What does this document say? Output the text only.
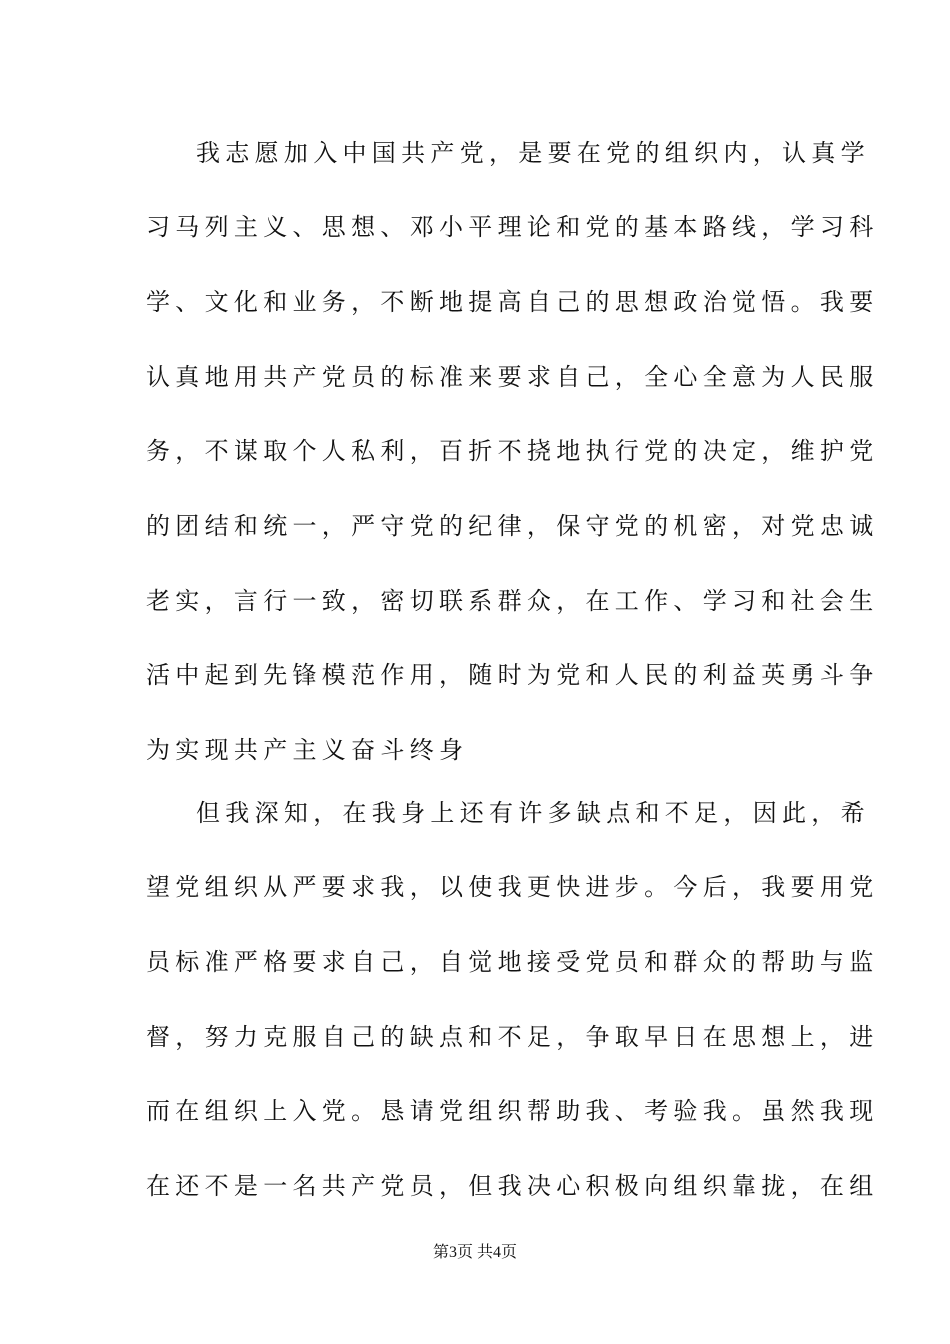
我志愿加入中国共产党，是要在党的组织内，认真学
习马列主义、思想、邓小平理论和党的基本路线，学习科
学、文化和业务，不断地提高自己的思想政治觉悟。我要
认真地用共产党员的标准来要求自己，全心全意为人民服
务，不谋取个人私利，百折不挠地执行党的决定，维护党
的团结和统一，严守党的纪律，保守党的机密，对党忠诚
老实，言行一致，密切联系群众，在工作、学习和社会生
活中起到先锋模范作用，随时为党和人民的利益英勇斗争
为实现共产主义奋斗终身
但我深知，在我身上还有许多缺点和不足，因此，希
望党组织从严要求我，以使我更快进步。今后，我要用党
员标准严格要求自己，自觉地接受党员和群众的帮助与监
督，努力克服自己的缺点和不足，争取早日在思想上，进
而在组织上入党。恳请党组织帮助我、考验我。虽然我现
在还不是一名共产党员，但我决心积极向组织靠拢，在组
第3页 共4页
